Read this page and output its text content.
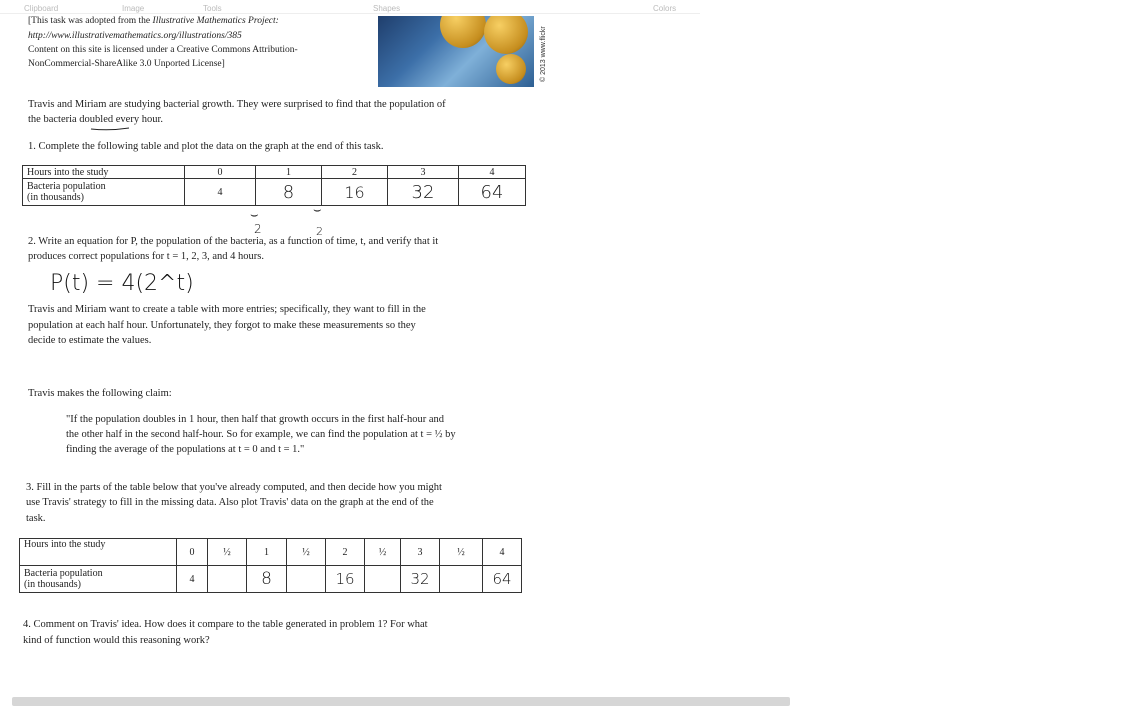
Clipboard	Image	Tools	Shapes	Colors
[This task was adopted from the Illustrative Mathematics Project:
http://www.illustrativemathematics.org/illustrations/385
Content on this site is licensed under a Creative Commons Attribution-
NonCommercial-ShareAlike 3.0 Unported License]	© 2013 www.flickr
Travis and Miriam are studying bacterial growth. They were surprised to find that the population of
the bacteria doubled every hour.
1. Complete the following table and plot the data on the graph at the end of this task.
Hours into the study	0	1	2	3	4
Bacteria population
(in thousands)	4	8	16	32	64
⌣
2
⌣
2
2. Write an equation for P, the population of the bacteria, as a function of time, t, and verify that it
produces correct populations for t = 1, 2, 3, and 4 hours.
P(t) = 4(2^t)
Travis and Miriam want to create a table with more entries; specifically, they want to fill in the
population at each half hour. Unfortunately, they forgot to make these measurements so they
decide to estimate the values.
Travis makes the following claim:
"If the population doubles in 1 hour, then half that growth occurs in the first half-hour and
the other half in the second half-hour. So for example, we can find the population at t = ½ by
finding the average of the populations at t = 0 and t = 1."
3. Fill in the parts of the table below that you've already computed, and then decide how you might
use Travis' strategy to fill in the missing data. Also plot Travis' data on the graph at the end of the
task.
Hours into the study	0	½	1	½	2	½	3	½	4
Bacteria population
(in thousands)	4		8		16		32		64
4. Comment on Travis' idea. How does it compare to the table generated in problem 1? For what
kind of function would this reasoning work?
